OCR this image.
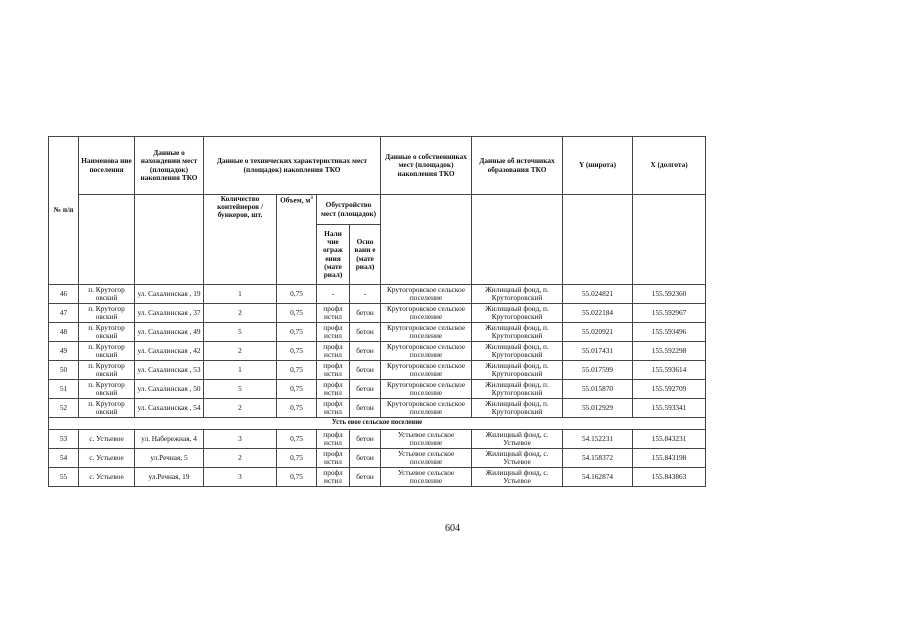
№ п/п	Наименова ние поселения	Данные о нахождении мест (площадок) накопления ТКО	Данные о технических характеристиках мест (площадок) накопления ТКО				Данные о собственниках мест (площадок) накопления ТКО	Данные об источниках образования ТКО	Y (широта)	X (долгота)
			Количество контейнеров / бункеров, шт.	Объем, $м^3$	Обустройство мест (площадок)					
					Нали чие ограж ения (мате риал)	Осно вани е (мате риал)				
46	п. Крутогор овский	ул. Сахалинская , 19	1	0,75	-	-	Крутогоровское сельское поселение	Жилищный фонд, п. Крутогоровский	55.024821	155.592360
47	п. Крутогор овский	ул. Сахалинская , 37	2	0,75	профл истил	бетон	Крутогоровское сельское поселение	Жилищный фонд, п. Крутогоровский	55.022184	155.592967
48	п. Крутогор овский	ул. Сахалинская , 49	5	0,75	профл истил	бетон	Крутогоровское сельское поселение	Жилищный фонд, п. Крутогоровский	55.020921	155.593496
49	п. Крутогор овский	ул. Сахалинская , 42	2	0,75	профл истил	бетон	Крутогоровское сельское поселение	Жилищный фонд, п. Крутогоровский	55.017431	155.592298
50	п. Крутогор овский	ул. Сахалинская , 53	1	0,75	профл истил	бетон	Крутогоровское сельское поселение	Жилищный фонд, п. Крутогоровский	55.017599	155.593614
51	п. Крутогор овский	ул. Сахалинская , 50	5	0,75	профл истил	бетон	Крутогоровское сельское поселение	Жилищный фонд, п. Крутогоровский	55.015870	155.592709
52	п. Крутогор овский	ул. Сахалинская , 54	2	0,75	профл истил	бетон	Крутогоровское сельское поселение	Жилищный фонд, п. Крутогоровский	55.012929	155.593341
Усть евое сельское поселение										
53	с. Устьевое	ул. Набережная, 4	3	0,75	профл истил	бетон	Устьевое сельское поселение	Жилищный фонд, с. Устьевое	54.152231	155.843231
54	с. Устьевое	ул.Речная, 5	2	0,75	профл истил	бетон	Устьевое сельское поселение	Жилищный фонд, с. Устьевое	54.158372	155.843198
55	с. Устьевое	ул.Речная, 19	3	0,75	профл истил	бетон	Устьевое сельское поселение	Жилищный фонд, с. Устьевое	54.162874	155.843863
604
